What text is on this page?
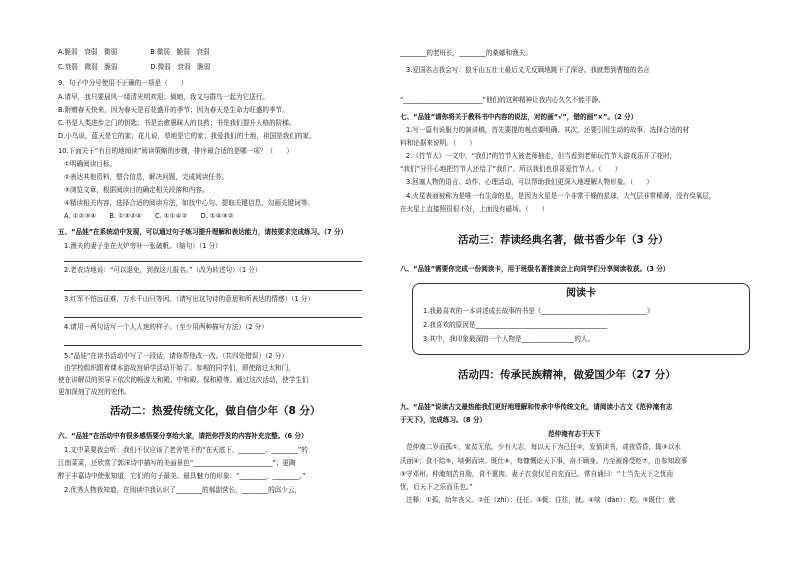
A.脆弱　衰弱　微弱　　　　　B.微弱　脆弱　衰弱
C.衰弱　微弱　脆弱　　　　　D.微弱　衰弱　脆弱
9．句子中分号使用不正确的一项是（　　）
A.请早，我只要晨风一缕清光明欢迎；倘她，我又与群鸟一起为它送行。
B.附赠春天快来，因为春天是百花盛开的季节；因为春天是生命力旺盛的季节。
C.书是人类进步之门的钥匙；书是治愈愚昧人的良药；书是我们提升人格的阶梯。
D.小鸟说，蓝天是它的家；花儿说，草地是它的家；我爱我们的土地，祖国是我们的家。
10.下面关于“有目的地阅读”阅读策略的步骤，排序最合适的是哪一项？（　　）
①明确阅读目标。
②表达其他资料，整合信息，解决问题，完成阅读任务。
③浏览文章，根据阅读目的确定相关段落和内容。
④精读相关内容，选择合适的阅读方法，如找中心句、提取关键信息、勾画关键词等。
A. ①②③④　　B. ①③②④　　C. ①①④②　　D. ①④③②
五、“品娃”在系统动中发现，可以通过句子练习提升理解和表达能力，请按要求完成练习。（7 分）
1.渔夫的妻子坐在火炉旁补一张破帆。（缩句）（1 分）
2.老农诗地说：“可以退免，到我这儿报名。”（改为转述句）（1 分）
3.红军不怕远征难，万水千山只等闲。（请写出这句诗的意思和所表达的情感）（1 分）
4.请用一两句话写一个人人迷的样子。（至少用两种描写方法）（2 分）
5.“品娃”在读书活动中写了一段话，请你帮他改一改。（共四处错误）（2 分）
由学校组织跟着课本游故宫研学活动开始了。参观的同学们，即使路过太和门，
使在讲解员的领导下依次的畅游大和殿、中和殿、保和殿等。通过这次活动，使学生们
更加深刻了故宫的宏伟。
活动二：热爱传统文化，做自信少年（8 分）
六、“品娃”在活动中有很多感悟要分享给大家，请把你抒发的内容补充完整。（6 分）
1.文中菜要我会听：我们不仅应该了老舍笔下的“在天底下，________、________”的
江南菜菜，还欣赏了郭沫诗中描写的美丽景色“________________________”；更陶
醉于丰嘉诗中使张知道，它们的句子最美、最具魅力的形象：“________，________。”
2.优秀人物我知道，在阅读中我认识了________的郝副营长，________的邱少云，
________的老班长，________的桑娜和渔夫。
3.爱国名言我会写：狼牙山五壮士最后义无反顾地跳下了深谷。我就想到曹植的名言
“________________________”他们的这种精神让我内心久久不能平静。
七、“品娃”请你将关于教科书中内容的说法，对的画“√”，错的画“×”。（2 分）
1.写一篇有说服力的演讲稿，首先要提的观点要明确，其次，还要引用生动的故事，选择合适的材
料和论据来说明。（　　）
2.《竹节人》一文中，“我们”的竹节人被老师抽走，但当看到老师玩竹节人游戏乐开了花时，
“我们”分开心地把竹节人还给了“我们”。所以我们也很喜爱竹节人。（　　）
3.回塞人物的语言、动作、心理活动，可以帮助我们更深入地理解人物形象。（　　）
4.火星表面被称为是唯一有生命的星，是因为火星是一个非常干燥的星球，大气层非常稀薄，没有臭氧层，
在火星上直接照很很不好，上面没有磁场。（　　）
活动三：荐读经典名著，做书香少年（3 分）
八、“品娃”需要你完成一份阅读卡，用于班级名著推读会上向同学们分享阅读收获。（3 分）
活动四：传承民族精神，做爱国少年（27 分）
九、“品娃”说读古文最热能我们更好地理解和传承中华传统文化，请阅读小古文《范仲淹有志
于天下》，完成练习。（8 分）
范仲淹有志于天下
范仲淹二岁而孤①，家贫无依。少有大志，每以天下为己任②，发愤读书，或夜昏昏，辄③以水
沃面④；食不给⑤，啖粥而读。既仕⑥，每慷慨论天下事，奋不顾身。乃至被谗受贬⑦，由参知政事
③守邓州。仲淹刻苦自励，食不重肉，妻子衣食仅足自充而已。常自诵曰：“士当先天下之忧而
忧，后天下之乐而乐也。”
注释：①孤，幼年丧父。②任（zhí）：任任。③辄：往往，就。④啖（dàn）：吃。⑤既仕：就
阅读卡
1.我最喜欢的一本讲述成长故事的书是《________________________________》
2.我喜欢的原因是________________________________________
3.其中，我印象最深的一个人物是________________的人。
